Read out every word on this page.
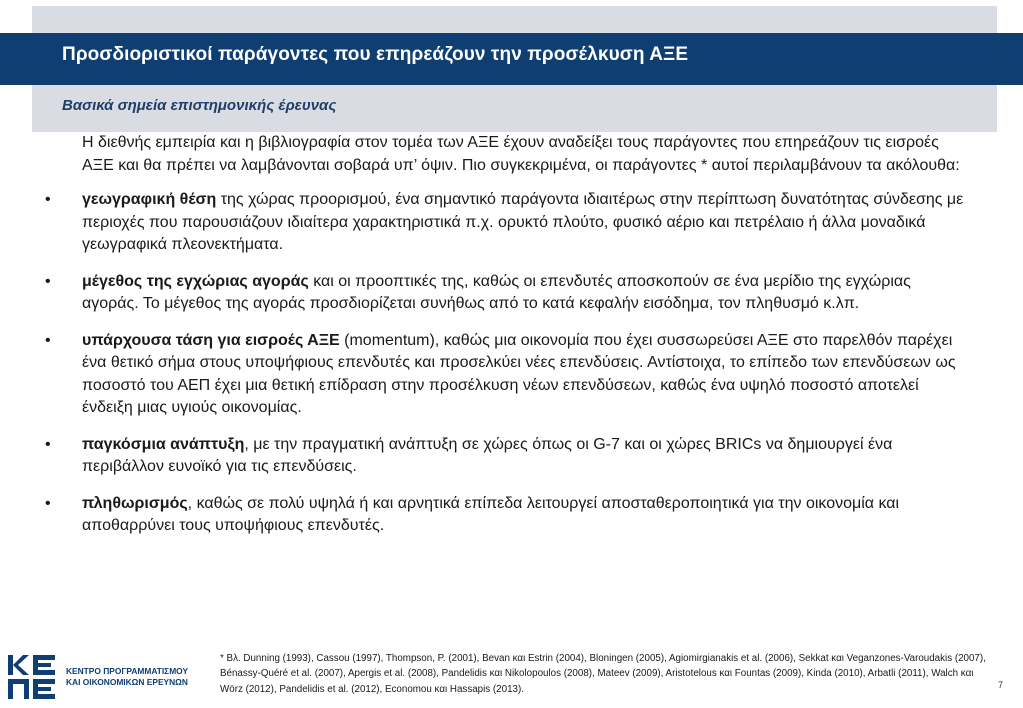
Προσδιοριστικοί παράγοντες που επηρεάζουν την προσέλκυση ΑΞΕ
Βασικά σημεία επιστημονικής έρευνας

Η διεθνής εμπειρία και η βιβλιογραφία στον τομέα των ΑΞΕ έχουν αναδείξει τους παράγοντες που επηρεάζουν τις εισροές ΑΞΕ και θα πρέπει να λαμβάνονται σοβαρά υπ’ όψιν. Πιο συγκεκριμένα, οι παράγοντες * αυτοί περιλαμβάνουν τα ακόλουθα:

• γεωγραφική θέση της χώρας προορισμού, ένα σημαντικό παράγοντα ιδιαιτέρως στην περίπτωση δυνατότητας σύνδεσης με περιοχές που παρουσιάζουν ιδιαίτερα χαρακτηριστικά π.χ. ορυκτό πλούτο, φυσικό αέριο και πετρέλαιο ή άλλα μοναδικά γεωγραφικά πλεονεκτήματα.
• μέγεθος της εγχώριας αγοράς και οι προοπτικές της, καθώς οι επενδυτές αποσκοπούν σε ένα μερίδιο της εγχώριας αγοράς. Το μέγεθος της αγοράς προσδιορίζεται συνήθως από το κατά κεφαλήν εισόδημα, τον πληθυσμό κ.λπ.
• υπάρχουσα τάση για εισροές ΑΞΕ (momentum), καθώς μια οικονομία που έχει συσσωρεύσει ΑΞΕ στο παρελθόν παρέχει ένα θετικό σήμα στους υποψήφιους επενδυτές και προσελκύει νέες επενδύσεις. Αντίστοιχα, το επίπεδο των επενδύσεων ως ποσοστό του ΑΕΠ έχει μια θετική επίδραση στην προσέλκυση νέων επενδύσεων, καθώς ένα υψηλό ποσοστό αποτελεί ένδειξη μιας υγιούς οικονομίας.
• παγκόσμια ανάπτυξη, με την πραγματική ανάπτυξη σε χώρες όπως οι G-7 και οι χώρες BRICs να δημιουργεί ένα περιβάλλον ευνοϊκό για τις επενδύσεις.
• πληθωρισμός, καθώς σε πολύ υψηλά ή και αρνητικά επίπεδα λειτουργεί αποσταθεροποιητικά για την οικονομία και αποθαρρύνει τους υποψήφιους επενδυτές.
ΚΕΝΤΡΟ ΠΡΟΓΡΑΜΜΑΤΙΣΜΟΥ
ΚΑΙ ΟΙΚΟΝΟΜΙΚΩΝ ΕΡΕΥΝΩΝ
* Βλ. Dunning (1993), Cassou (1997), Thompson, P. (2001), Bevan και Estrin (2004), Bloningen (2005), Agiomirgianakis et al. (2006), Sekkat και Veganzones-Varoudakis (2007), Bénassy-Quéré et al. (2007), Apergis et al. (2008), Pandelidis και Nikolopoulos (2008), Mateev (2009), Aristotelous και Fountas (2009), Kinda (2010), Arbatli (2011), Walch και Wörz (2012), Pandelidis et al. (2012), Economou και Hassapis (2013).	7
